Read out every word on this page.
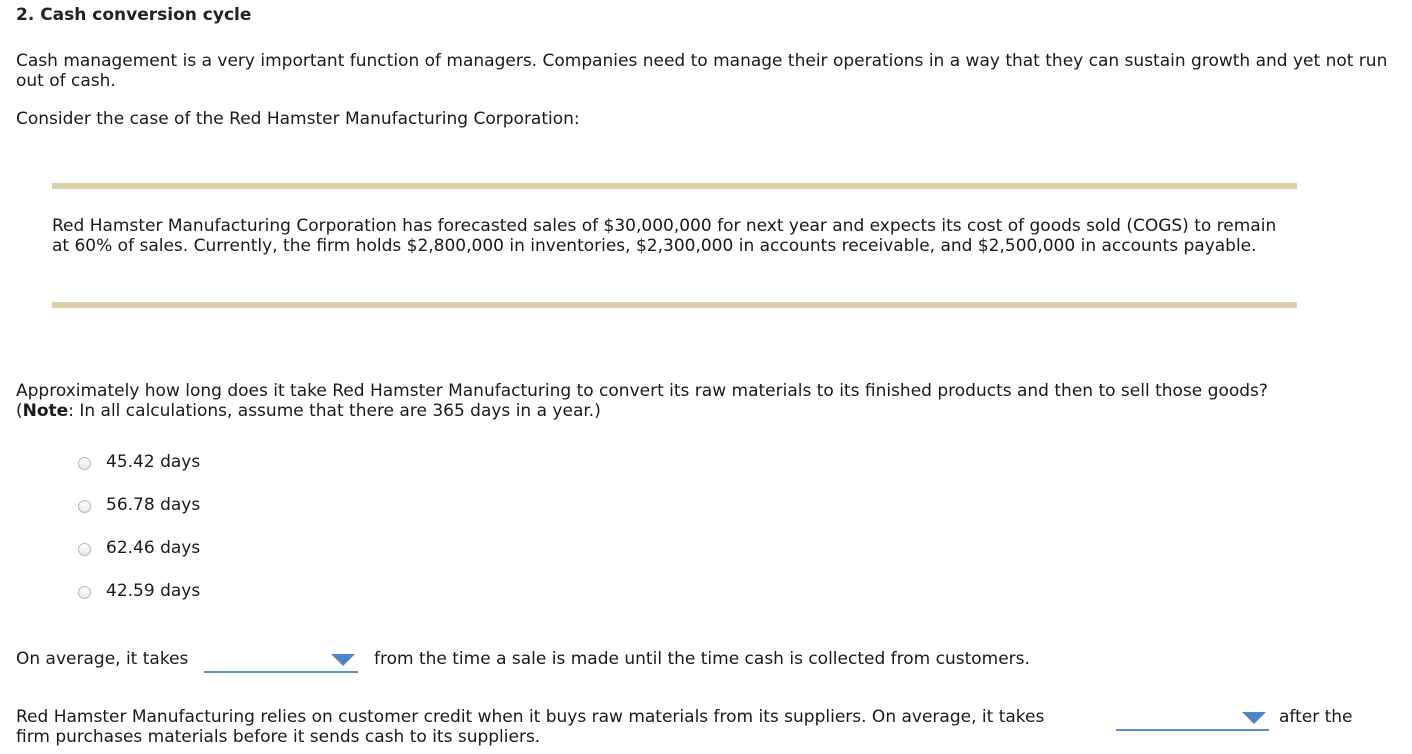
2. Cash conversion cycle
Cash management is a very important function of managers. Companies need to manage their operations in a way that they can sustain growth and yet not run out of cash.
Consider the case of the Red Hamster Manufacturing Corporation:
Red Hamster Manufacturing Corporation has forecasted sales of $30,000,000 for next year and expects its cost of goods sold (COGS) to remain at 60% of sales. Currently, the firm holds $2,800,000 in inventories, $2,300,000 in accounts receivable, and $2,500,000 in accounts payable.
Approximately how long does it take Red Hamster Manufacturing to convert its raw materials to its finished products and then to sell those goods?
(Note: In all calculations, assume that there are 365 days in a year.)
45.42 days
56.78 days
62.46 days
42.59 days
On average, it takes	from the time a sale is made until the time cash is collected from customers.
Red Hamster Manufacturing relies on customer credit when it buys raw materials from its suppliers. On average, it takes	after the
firm purchases materials before it sends cash to its suppliers.
